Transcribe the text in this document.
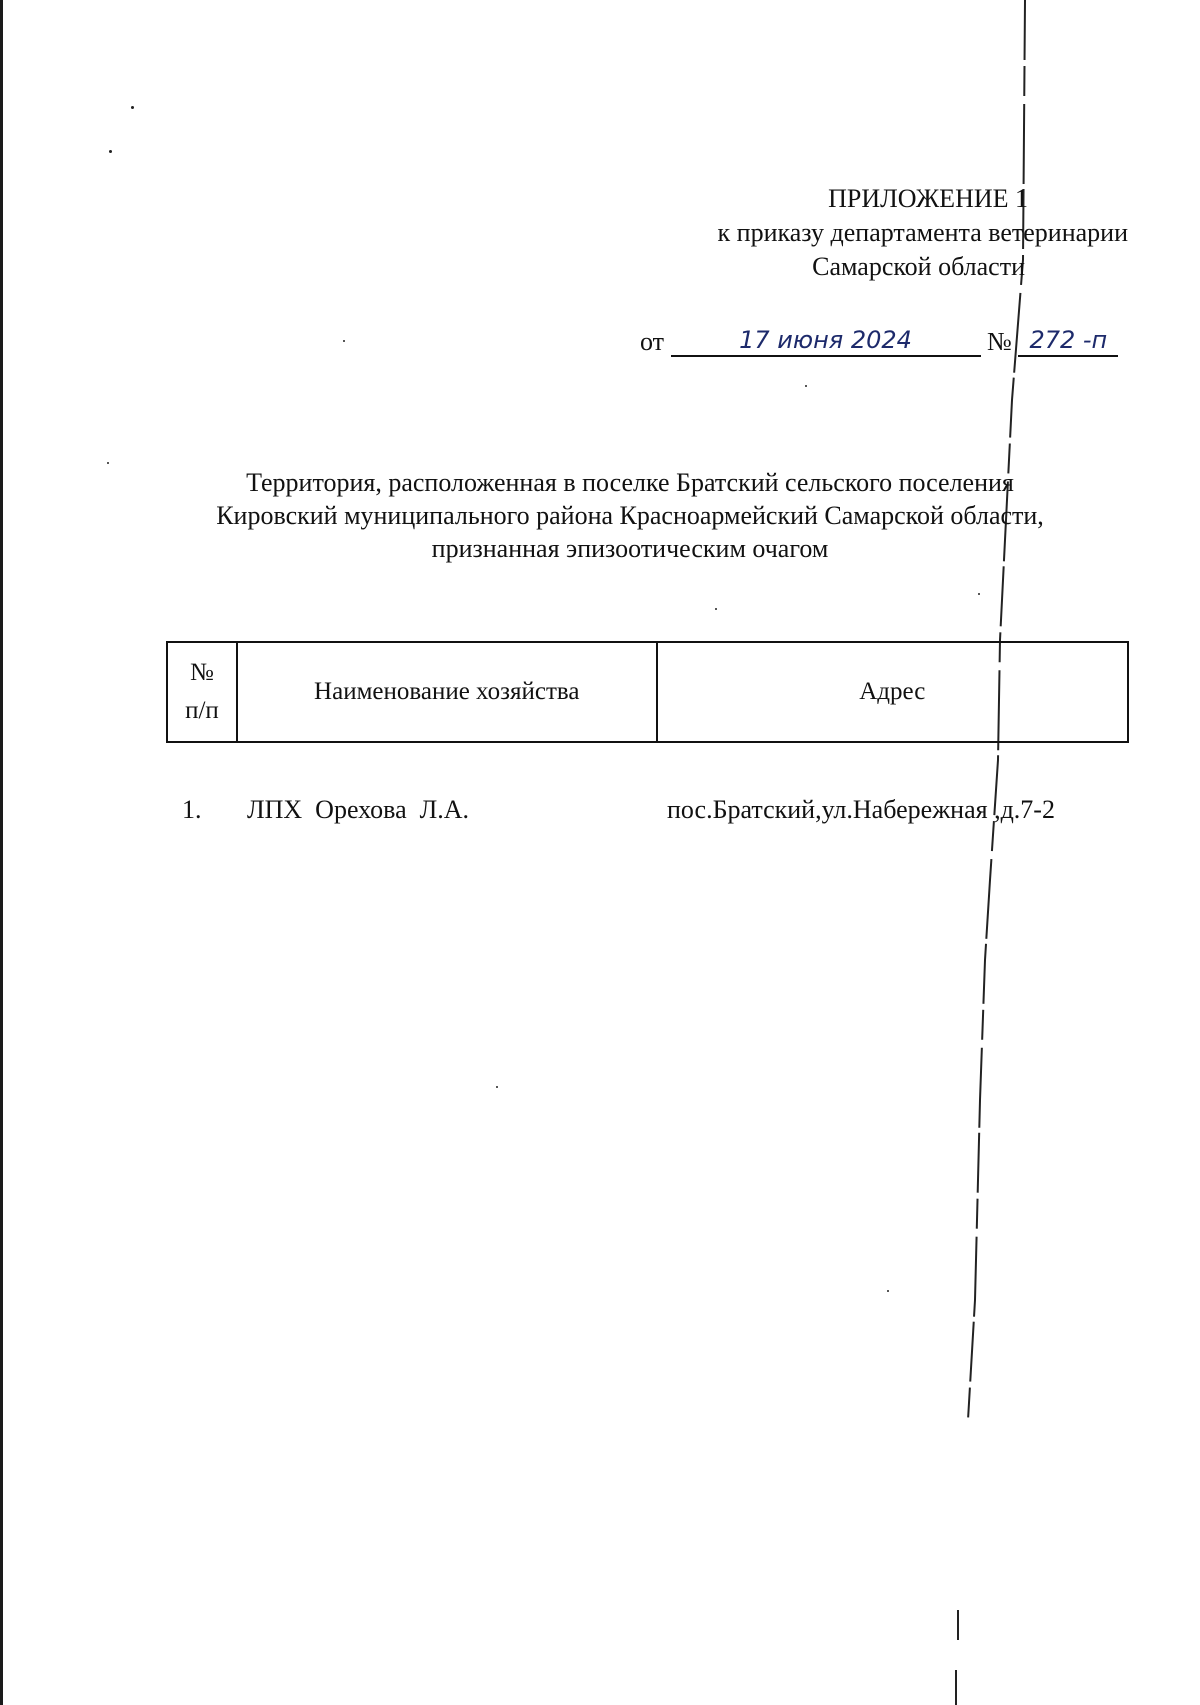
ПРИЛОЖЕНИЕ 1
к приказу департамента ветеринарии
Самарской области
от	17 июня 2024	№ 272 -п
Территория, расположенная в поселке Братский сельского поселения
Кировский муниципального района Красноармейский Самарской области,
признанная эпизоотическим очагом
№
п/п
	Наименование хозяйства	Адрес
1. ЛПХ  Орехова  Л.А.	пос.Братский,ул.Набережная ,д.7-2
